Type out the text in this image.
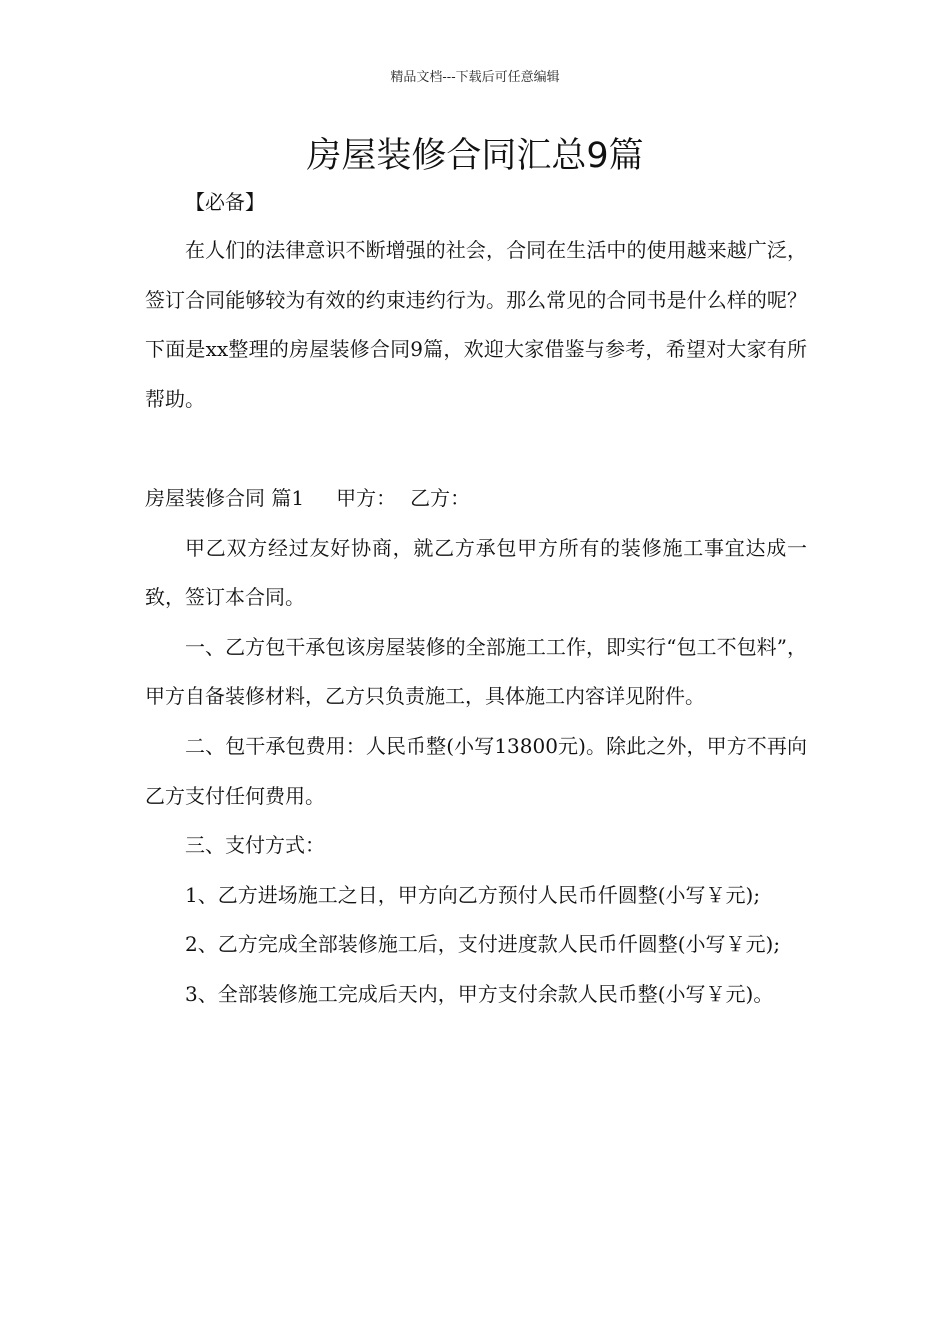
精品文档---下载后可任意编辑
房屋装修合同汇总9篇
【必备】

在人们的法律意识不断增强的社会，合同在生活中的使用越来越广泛，签订合同能够较为有效的约束违约行为。那么常见的合同书是什么样的呢？下面是xx整理的房屋装修合同9篇，欢迎大家借鉴与参考，希望对大家有所帮助。

房屋装修合同 篇1 甲方： 乙方：

甲乙双方经过友好协商，就乙方承包甲方所有的装修施工事宜达成一致，签订本合同。

一、乙方包干承包该房屋装修的全部施工工作，即实行“包工不包料”，甲方自备装修材料，乙方只负责施工，具体施工内容详见附件。

二、包干承包费用：人民币整(小写13800元)。除此之外，甲方不再向乙方支付任何费用。

三、支付方式：

1、乙方进场施工之日，甲方向乙方预付人民币仟圆整(小写￥元);

2、乙方完成全部装修施工后，支付进度款人民币仟圆整(小写￥元);

3、全部装修施工完成后天内，甲方支付余款人民币整(小写￥元)。
